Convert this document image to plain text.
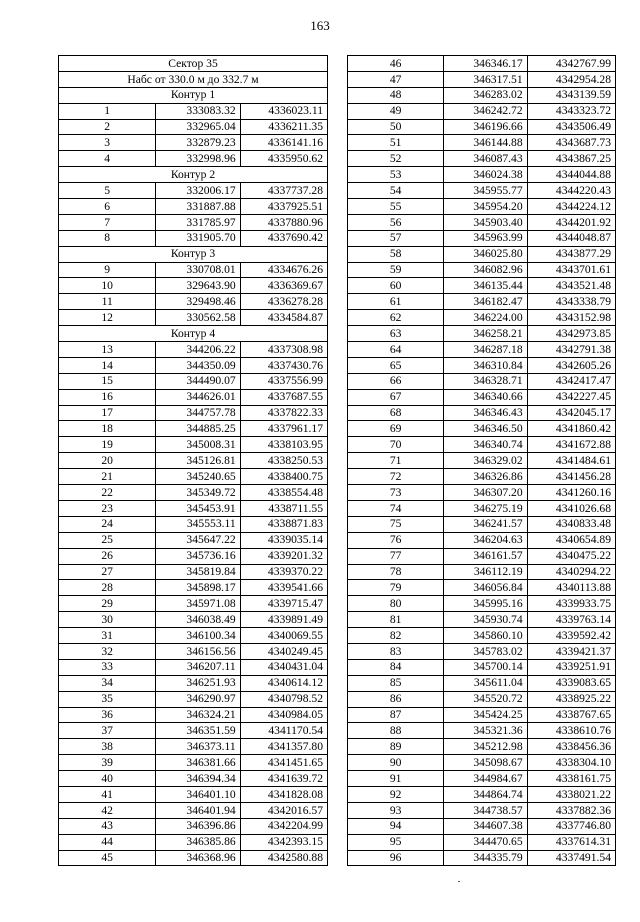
163
Сектор 35		
Набс от 330.0 м до 332.7 м		
Контур 1		
1	333083.32	4336023.11
2	332965.04	4336211.35
3	332879.23	4336141.16
4	332998.96	4335950.62
Контур 2		
5	332006.17	4337737.28
6	331887.88	4337925.51
7	331785.97	4337880.96
8	331905.70	4337690.42
Контур 3		
9	330708.01	4334676.26
10	329643.90	4336369.67
11	329498.46	4336278.28
12	330562.58	4334584.87
Контур 4		
13	344206.22	4337308.98
14	344350.09	4337430.76
15	344490.07	4337556.99
16	344626.01	4337687.55
17	344757.78	4337822.33
18	344885.25	4337961.17
19	345008.31	4338103.95
20	345126.81	4338250.53
21	345240.65	4338400.75
22	345349.72	4338554.48
23	345453.91	4338711.55
24	345553.11	4338871.83
25	345647.22	4339035.14
26	345736.16	4339201.32
27	345819.84	4339370.22
28	345898.17	4339541.66
29	345971.08	4339715.47
30	346038.49	4339891.49
31	346100.34	4340069.55
32	346156.56	4340249.45
33	346207.11	4340431.04
34	346251.93	4340614.12
35	346290.97	4340798.52
36	346324.21	4340984.05
37	346351.59	4341170.54
38	346373.11	4341357.80
39	346381.66	4341451.65
40	346394.34	4341639.72
41	346401.10	4341828.08
42	346401.94	4342016.57
43	346396.86	4342204.99
44	346385.86	4342393.15
45	346368.96	4342580.88
46	346346.17	4342767.99
47	346317.51	4342954.28
48	346283.02	4343139.59
49	346242.72	4343323.72
50	346196.66	4343506.49
51	346144.88	4343687.73
52	346087.43	4343867.25
53	346024.38	4344044.88
54	345955.77	4344220.43
55	345954.20	4344224.12
56	345903.40	4344201.92
57	345963.99	4344048.87
58	346025.80	4343877.29
59	346082.96	4343701.61
60	346135.44	4343521.48
61	346182.47	4343338.79
62	346224.00	4343152.98
63	346258.21	4342973.85
64	346287.18	4342791.38
65	346310.84	4342605.26
66	346328.71	4342417.47
67	346340.66	4342227.45
68	346346.43	4342045.17
69	346346.50	4341860.42
70	346340.74	4341672.88
71	346329.02	4341484.61
72	346326.86	4341456.28
73	346307.20	4341260.16
74	346275.19	4341026.68
75	346241.57	4340833.48
76	346204.63	4340654.89
77	346161.57	4340475.22
78	346112.19	4340294.22
79	346056.84	4340113.88
80	345995.16	4339933.75
81	345930.74	4339763.14
82	345860.10	4339592.42
83	345783.02	4339421.37
84	345700.14	4339251.91
85	345611.04	4339083.65
86	345520.72	4338925.22
87	345424.25	4338767.65
88	345321.36	4338610.76
89	345212.98	4338456.36
90	345098.67	4338304.10
91	344984.67	4338161.75
92	344864.74	4338021.22
93	344738.57	4337882.36
94	344607.38	4337746.80
95	344470.65	4337614.31
96	344335.79	4337491.54
